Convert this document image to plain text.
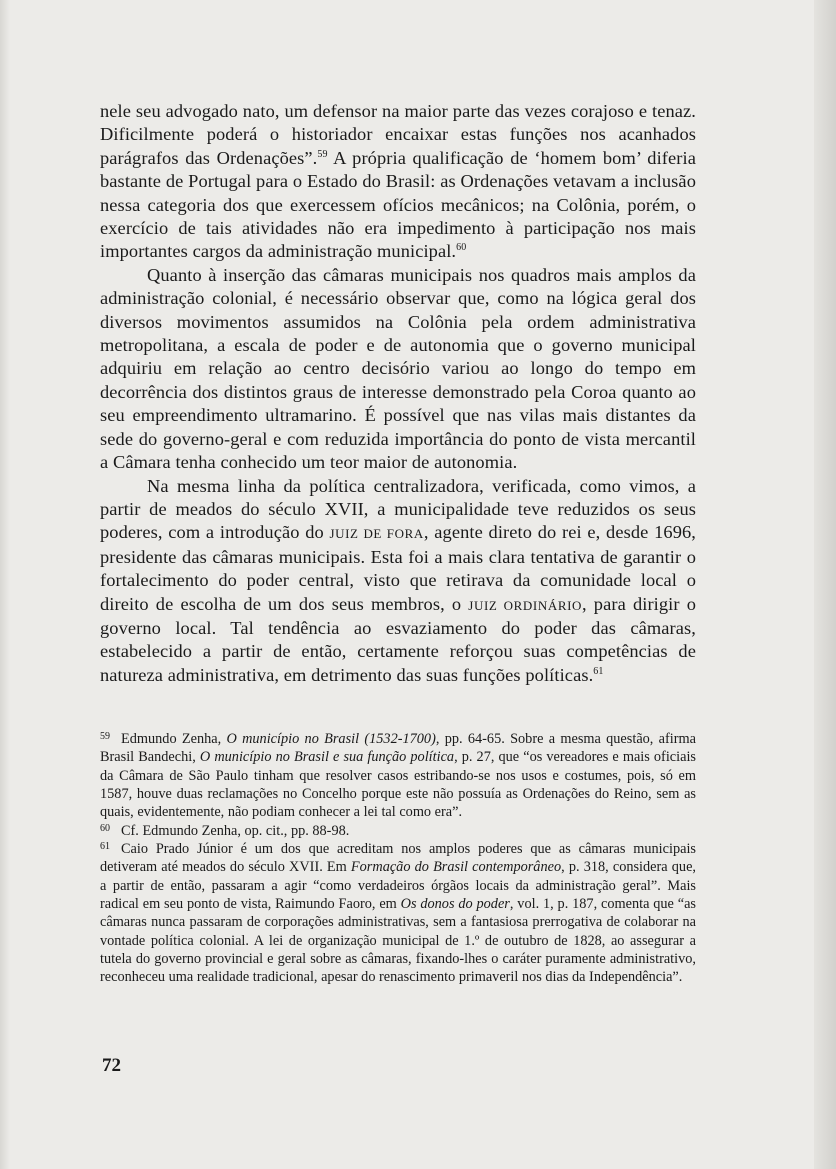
nele seu advogado nato, um defensor na maior parte das vezes corajoso e tenaz. Dificilmente poderá o historiador encaixar estas funções nos acanhados parágrafos das Ordenações”.$^{59}$ A própria qualificação de ‘homem bom’ diferia bastante de Portugal para o Estado do Brasil: as Ordenações vetavam a inclusão nessa categoria dos que exercessem ofícios mecânicos; na Colônia, porém, o exercício de tais atividades não era impedimento à participação nos mais importantes cargos da administração municipal.$^{60}$

Quanto à inserção das câmaras municipais nos quadros mais amplos da administração colonial, é necessário observar que, como na lógica geral dos diversos movimentos assumidos na Colônia pela ordem administrativa metropolitana, a escala de poder e de autonomia que o governo municipal adquiriu em relação ao centro decisório variou ao longo do tempo em decorrência dos distintos graus de interesse demonstrado pela Coroa quanto ao seu empreendimento ultramarino. É possível que nas vilas mais distantes da sede do governo-geral e com reduzida importância do ponto de vista mercantil a Câmara tenha conhecido um teor maior de autonomia.

Na mesma linha da política centralizadora, verificada, como vimos, a partir de meados do século XVII, a municipalidade teve reduzidos os seus poderes, com a introdução do JUIZ DE FORA, agente direto do rei e, desde 1696, presidente das câmaras municipais. Esta foi a mais clara tentativa de garantir o fortalecimento do poder central, visto que retirava da comunidade local o direito de escolha de um dos seus membros, o JUIZ ORDINÁRIO, para dirigir o governo local. Tal tendência ao esvaziamento do poder das câmaras, estabelecido a partir de então, certamente reforçou suas competências de natureza administrativa, em detrimento das suas funções políticas.$^{61}$

59 Edmundo Zenha, O município no Brasil (1532-1700), pp. 64-65. Sobre a mesma questão, afirma Brasil Bandechi, O município no Brasil e sua função política, p. 27, que “os vereadores e mais oficiais da Câmara de São Paulo tinham que resolver casos estribando-se nos usos e costumes, pois, só em 1587, houve duas reclamações no Concelho porque este não possuía as Ordenações do Reino, sem as quais, evidentemente, não podiam conhecer a lei tal como era”.

60 Cf. Edmundo Zenha, op. cit., pp. 88-98.

61 Caio Prado Júnior é um dos que acreditam nos amplos poderes que as câmaras municipais detiveram até meados do século XVII. Em Formação do Brasil contemporâneo, p. 318, considera que, a partir de então, passaram a agir “como verdadeiros órgãos locais da administração geral”. Mais radical em seu ponto de vista, Raimundo Faoro, em Os donos do poder, vol. 1, p. 187, comenta que “as câmaras nunca passaram de corporações administrativas, sem a fantasiosa prerrogativa de colaborar na vontade política colonial. A lei de organização municipal de 1.º de outubro de 1828, ao assegurar a tutela do governo provincial e geral sobre as câmaras, fixando-lhes o caráter puramente administrativo, reconheceu uma realidade tradicional, apesar do renascimento primaveril nos dias da Independência”.

72
